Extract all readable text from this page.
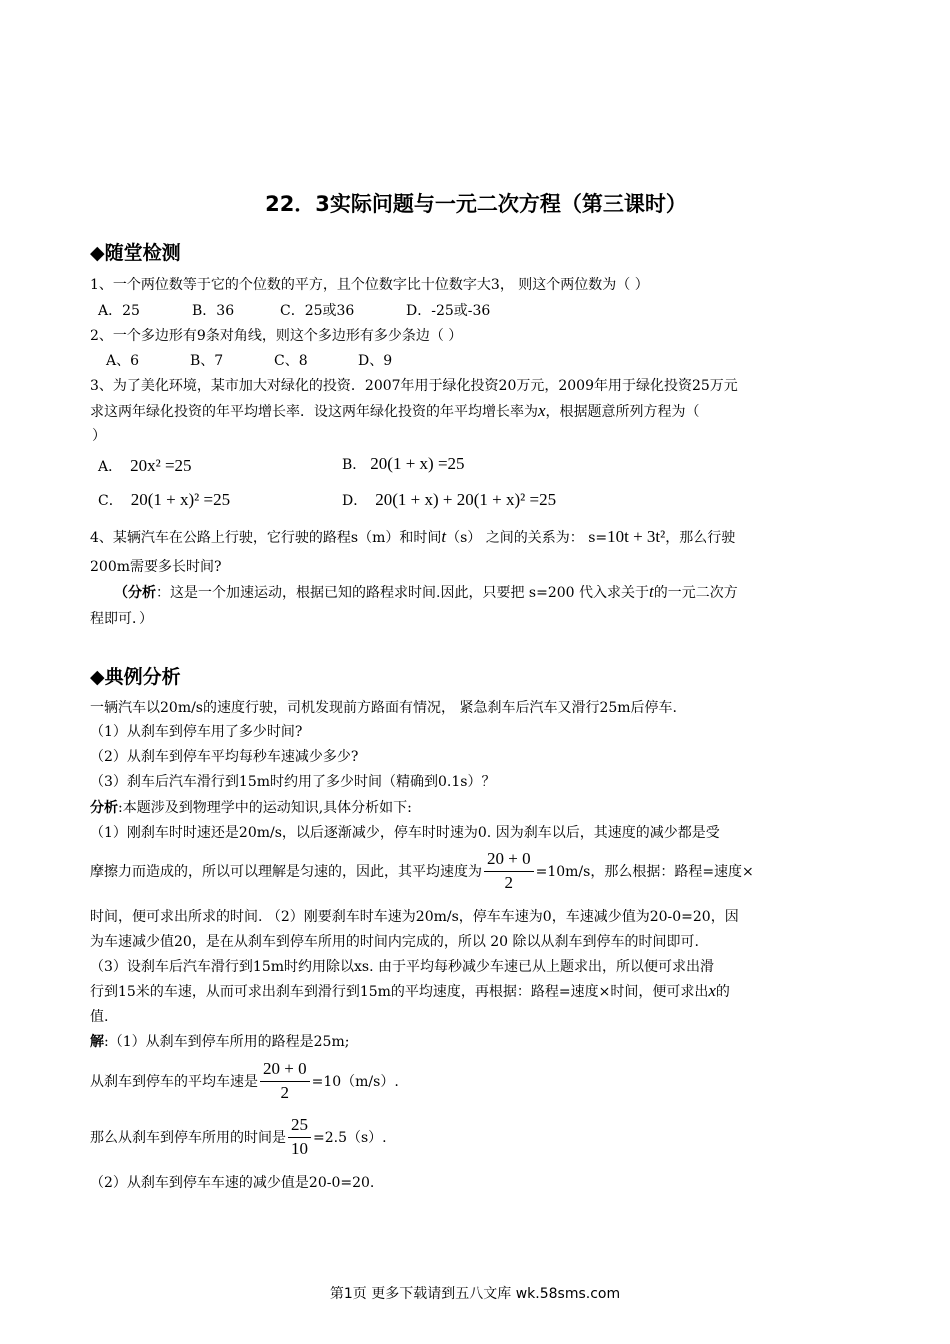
22．3实际问题与一元二次方程（第三课时）
◆随堂检测
1、一个两位数等于它的个位数的平方，且个位数字比十位数字大3， 则这个两位数为（ ）
A．25	B．36	C．25或36	D．-25或-36
2、一个多边形有9条对角线，则这个多边形有多少条边（ ）
A、6	B、7	C、8	D、9
3、为了美化环境，某市加大对绿化的投资．2007年用于绿化投资20万元，2009年用于绿化投资25万元
求这两年绿化投资的年平均增长率．设这两年绿化投资的年平均增长率为x，根据题意所列方程为（
）
A． 20x² =25	B． 20(1 + x) =25
C． 20(1 + x)² =25	D． 20(1 + x) + 20(1 + x)² =25
4、某辆汽车在公路上行驶，它行驶的路程s（m）和时间t（s） 之间的关系为： s=10t + 3t²，那么行驶
200m需要多长时间?
（分析：这是一个加速运动，根据已知的路程求时间.因此，只要把 s=200 代入求关于t的一元二次方
程即可．）
◆典例分析
一辆汽车以20m/s的速度行驶，司机发现前方路面有情况， 紧急刹车后汽车又滑行25m后停车.
（1）从刹车到停车用了多少时间?
（2）从刹车到停车平均每秒车速减少多少?
（3）刹车后汽车滑行到15m时约用了多少时间（精确到0.1s）？
分析:本题涉及到物理学中的运动知识,具体分析如下:
（1）刚刹车时时速还是20m/s，以后逐渐减少，停车时时速为0. 因为刹车以后，其速度的减少都是受
摩擦力而造成的，所以可以理解是匀速的，因此，其平均速度为 $\frac{20 + 0}{2} =10m/s$，那么根据：路程=速度×
时间，便可求出所求的时间. （2）刚要刹车时车速为20m/s，停车车速为0，车速减少值为20-0=20，因
为车速减少值20，是在从刹车到停车所用的时间内完成的，所以 20 除以从刹车到停车的时间即可.
（3）设刹车后汽车滑行到15m时约用除以xs. 由于平均每秒减少车速已从上题求出，所以便可求出滑
行到15米的车速，从而可求出刹车到滑行到15m的平均速度，再根据：路程=速度×时间，便可求出x的
值.
解:（1）从刹车到停车所用的路程是25m;
从刹车到停车的平均车速是 $\frac{20 + 0}{2} =10(m/s)$.
那么从刹车到停车所用的时间是 $\frac{25}{10} =2.5(s)$.
（2）从刹车到停车车速的减少值是20-0=20.
第1页 更多下载请到五八文库 wk.58sms.com
